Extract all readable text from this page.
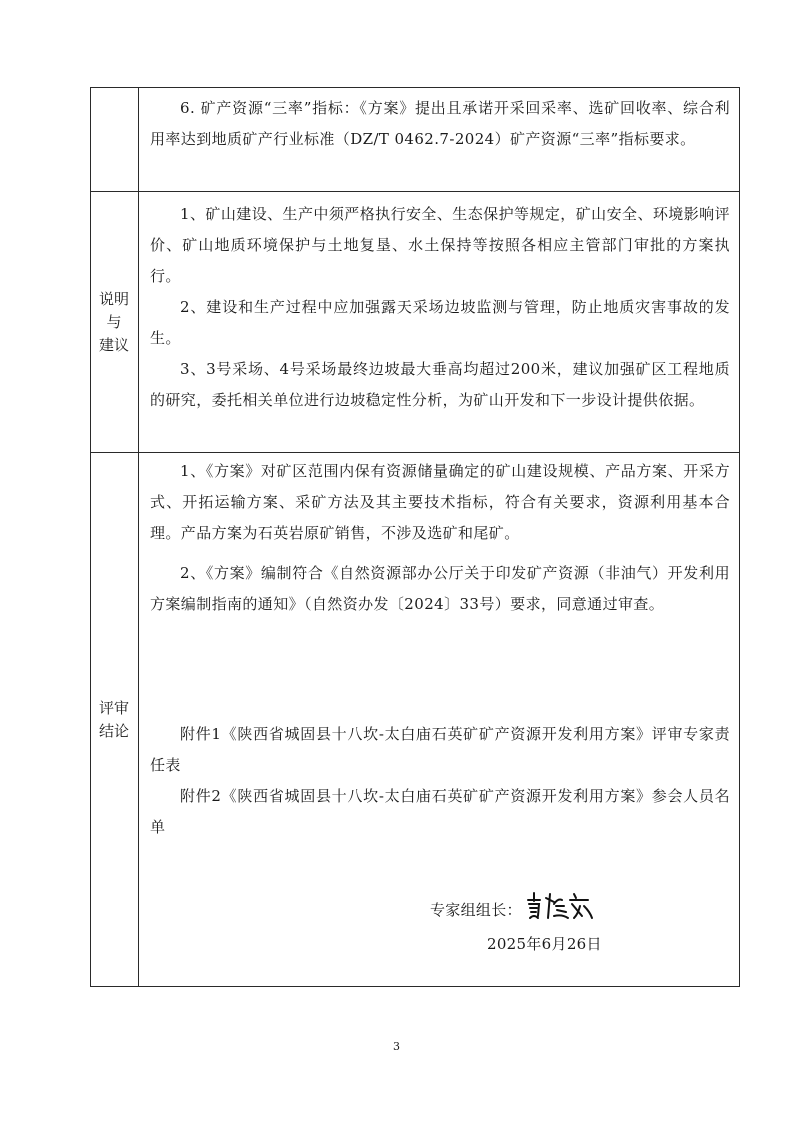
6. 矿产资源“三率”指标：《方案》提出且承诺开采回采率、选矿回收率、综合利用率达到地质矿产行业标准（DZ/T 0462.7-2024）矿产资源“三率”指标要求。

说明
与
建议

1、矿山建设、生产中须严格执行安全、生态保护等规定，矿山安全、环境影响评价、矿山地质环境保护与土地复垦、水土保持等按照各相应主管部门审批的方案执行。

2、建设和生产过程中应加强露天采场边坡监测与管理，防止地质灾害事故的发生。

3、3号采场、4号采场最终边坡最大垂高均超过200米，建议加强矿区工程地质的研究，委托相关单位进行边坡稳定性分析，为矿山开发和下一步设计提供依据。

评审
结论

1、《方案》对矿区范围内保有资源储量确定的矿山建设规模、产品方案、开采方式、开拓运输方案、采矿方法及其主要技术指标，符合有关要求，资源利用基本合理。产品方案为石英岩原矿销售，不涉及选矿和尾矿。

2、《方案》编制符合《自然资源部办公厅关于印发矿产资源（非油气）开发利用方案编制指南的通知》（自然资办发〔2024〕33号）要求，同意通过审查。

附件1《陕西省城固县十八坎-太白庙石英矿矿产资源开发利用方案》评审专家责任表

附件2《陕西省城固县十八坎-太白庙石英矿矿产资源开发利用方案》参会人员名单

专家组组长：
2025年6月26日
3
